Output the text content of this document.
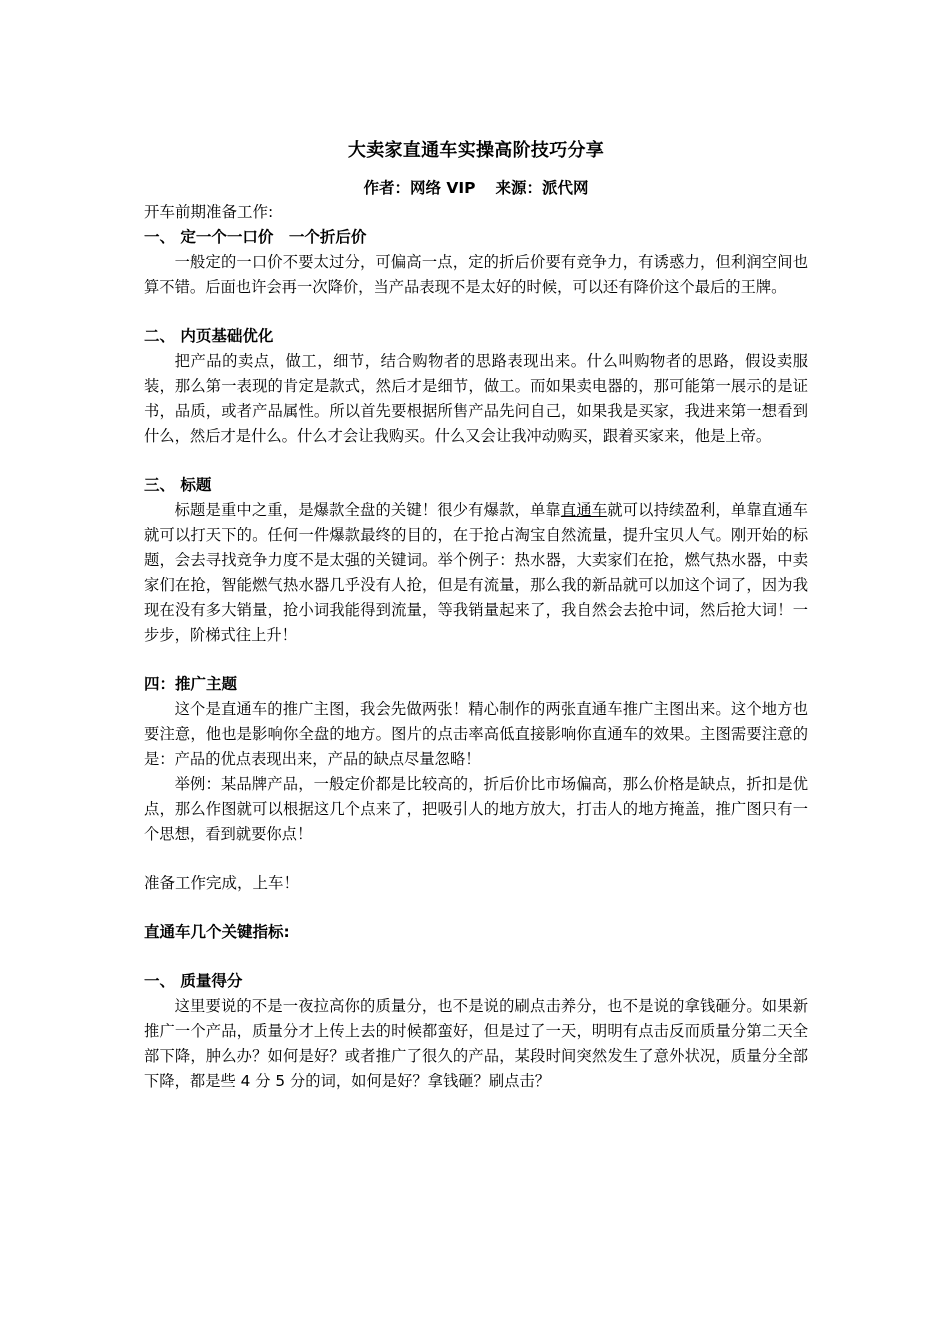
大卖家直通车实操高阶技巧分享

作者：网络 VIP 来源：派代网

开车前期准备工作:

一、 定一个一口价　一个折后价

一般定的一口价不要太过分，可偏高一点，定的折后价要有竞争力，有诱惑力，但利润空间也算不错。后面也许会再一次降价，当产品表现不是太好的时候，可以还有降价这个最后的王牌。

二、 内页基础优化

把产品的卖点，做工，细节，结合购物者的思路表现出来。什么叫购物者的思路，假设卖服装，那么第一表现的肯定是款式，然后才是细节，做工。而如果卖电器的，那可能第一展示的是证书，品质，或者产品属性。所以首先要根据所售产品先问自己，如果我是买家，我进来第一想看到什么，然后才是什么。什么才会让我购买。什么又会让我冲动购买，跟着买家来，他是上帝。

三、 标题

标题是重中之重，是爆款全盘的关键！很少有爆款，单靠直通车就可以持续盈利，单靠直通车就可以打天下的。任何一件爆款最终的目的，在于抢占淘宝自然流量，提升宝贝人气。刚开始的标题，会去寻找竞争力度不是太强的关键词。举个例子：热水器，大卖家们在抢，燃气热水器，中卖家们在抢，智能燃气热水器几乎没有人抢，但是有流量，那么我的新品就可以加这个词了，因为我现在没有多大销量，抢小词我能得到流量，等我销量起来了，我自然会去抢中词，然后抢大词！一步步，阶梯式往上升！

四：推广主题

这个是直通车的推广主图，我会先做两张！精心制作的两张直通车推广主图出来。这个地方也要注意，他也是影响你全盘的地方。图片的点击率高低直接影响你直通车的效果。主图需要注意的是：产品的优点表现出来，产品的缺点尽量忽略！

举例：某品牌产品，一般定价都是比较高的，折后价比市场偏高，那么价格是缺点，折扣是优点，那么作图就可以根据这几个点来了，把吸引人的地方放大，打击人的地方掩盖，推广图只有一个思想，看到就要你点！

准备工作完成，上车！

直通车几个关键指标:

一、 质量得分

这里要说的不是一夜拉高你的质量分，也不是说的刷点击养分，也不是说的拿钱砸分。如果新推广一个产品，质量分才上传上去的时候都蛮好，但是过了一天，明明有点击反而质量分第二天全部下降，肿么办？如何是好？或者推广了很久的产品，某段时间突然发生了意外状况，质量分全部下降，都是些 4 分 5 分的词，如何是好？拿钱砸？刷点击？
